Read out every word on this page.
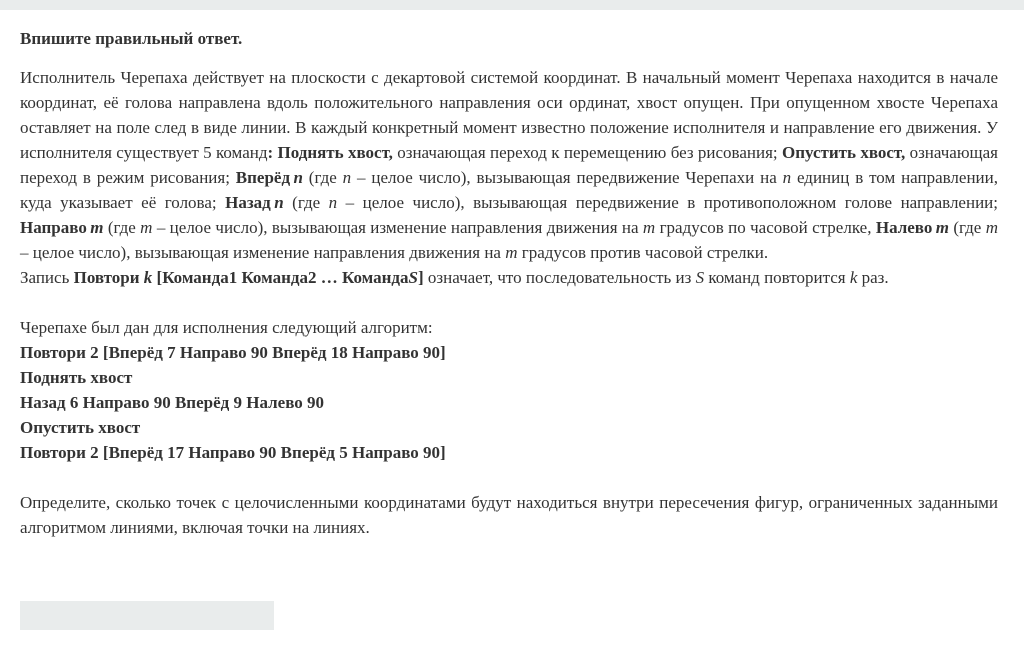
Впишите правильный ответ.

Исполнитель Черепаха действует на плоскости с декартовой системой координат. В начальный момент Черепаха находится в начале координат, её голова направлена вдоль положительного направления оси ординат, хвост опущен. При опущенном хвосте Черепаха оставляет на поле след в виде линии. В каждый конкретный момент известно положение исполнителя и направление его движения. У исполнителя существует 5 команд: Поднять хвост, означающая переход к перемещению без рисования; Опустить хвост, означающая переход в режим рисования; Вперёд  n (где n – целое число), вызывающая передвижение Черепахи на n единиц в том направлении, куда указывает её голова; Назад  n (где n – целое число), вызывающая передвижение в противоположном голове направлении; Направо  m (где m – целое число), вызывающая изменение направления движения на m градусов по часовой стрелке, Налево  m (где m – целое число), вызывающая изменение направления движения на m градусов против часовой стрелки.

Запись Повтори k [Команда1 Команда2 … КомандаS] означает, что последовательность из S команд повторится k раз.

Черепахе был дан для исполнения следующий алгоритм:

Повтори 2 [Вперёд 7 Направо 90 Вперёд 18 Направо 90]

Поднять хвост

Назад 6 Направо 90 Вперёд 9 Налево 90

Опустить хвост

Повтори 2 [Вперёд 17 Направо 90 Вперёд 5 Направо 90]

Определите, сколько точек с целочисленными координатами будут находиться внутри пересечения фигур, ограниченных заданными алгоритмом линиями, включая точки на линиях.
